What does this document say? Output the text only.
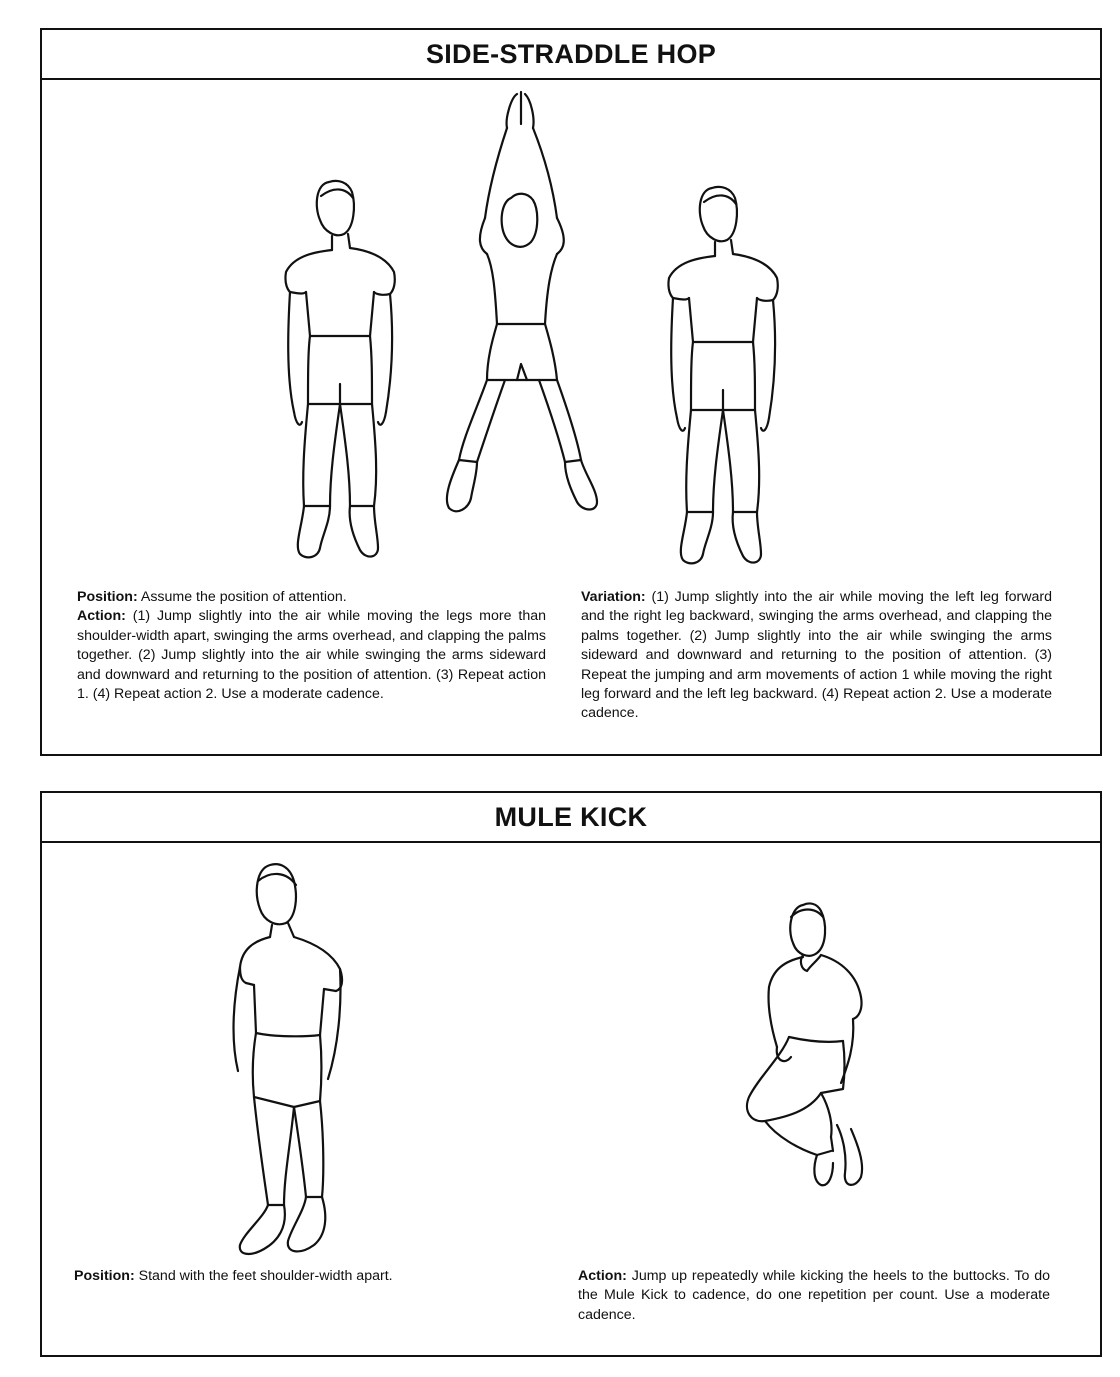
SIDE-STRADDLE HOP
Position: Assume the position of attention.
Action: (1) Jump slightly into the air while moving the legs more than shoulder-width apart, swinging the arms overhead, and clapping the palms together. (2) Jump slightly into the air while swinging the arms sideward and downward and returning to the position of attention. (3) Repeat action 1. (4) Repeat action 2. Use a moderate cadence.
Variation: (1) Jump slightly into the air while moving the left leg forward and the right leg backward, swinging the arms overhead, and clapping the palms together. (2) Jump slightly into the air while swinging the arms sideward and downward and returning to the position of attention. (3) Repeat the jumping and arm movements of action 1 while moving the right leg forward and the left leg backward. (4) Repeat action 2. Use a moderate cadence.
MULE KICK
Position: Stand with the feet shoulder-width apart.	Action: Jump up repeatedly while kicking the heels to the buttocks. To do the Mule Kick to cadence, do one repetition per count. Use a moderate cadence.
